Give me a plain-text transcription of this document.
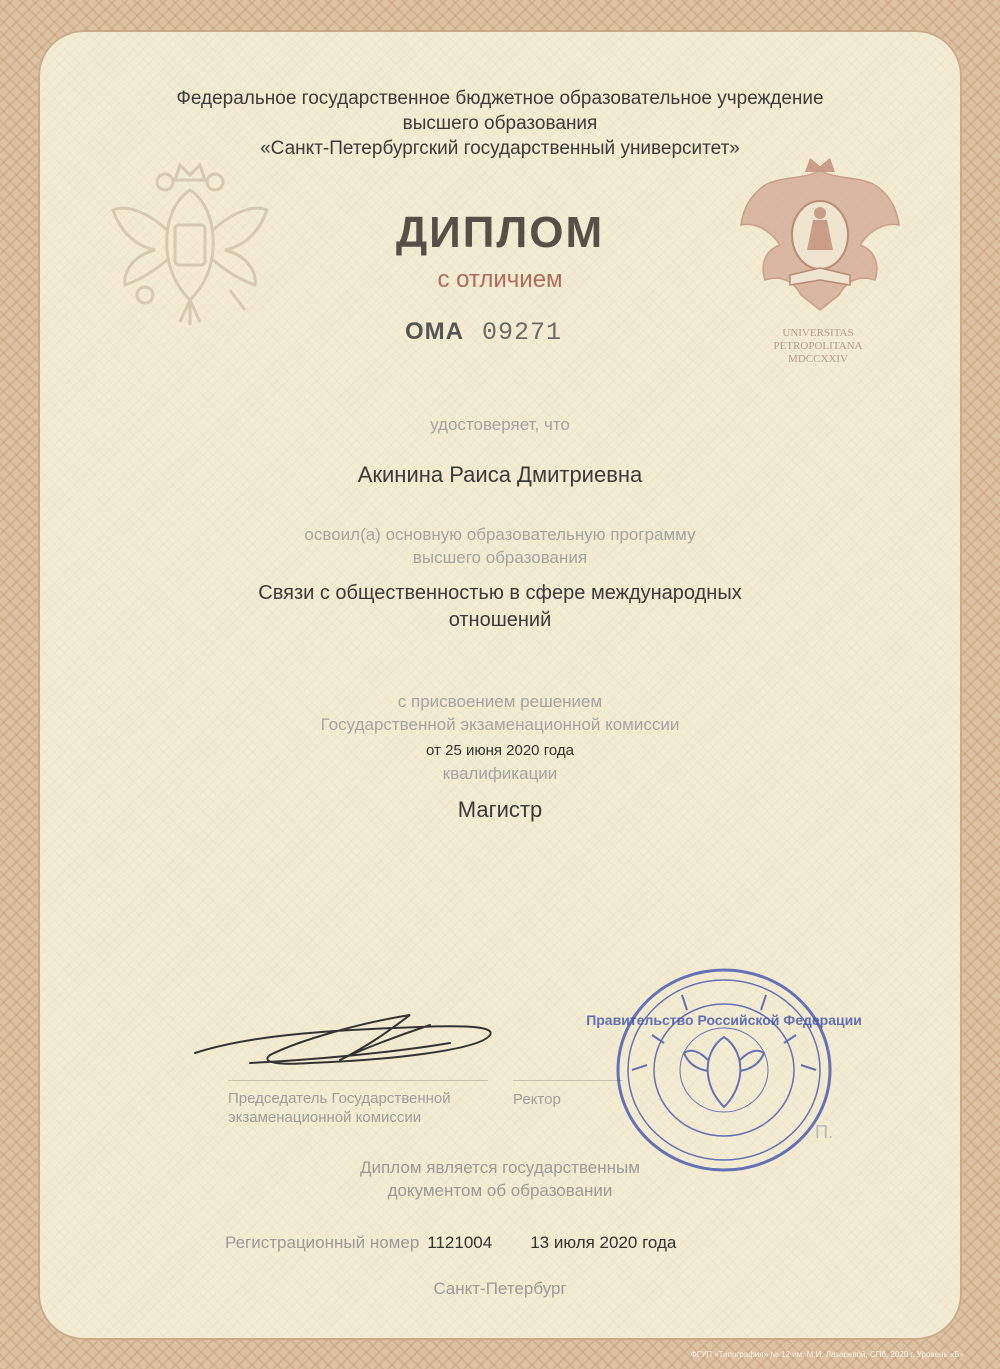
UNIVERSITAS
PETROPOLITANA
MDCCXXIV
Федеральное государственное бюджетное образовательное учреждение
высшего образования
«Санкт-Петербургский государственный университет»
ДИПЛОМ
с отличием
ОМА 09271
удостоверяет, что
Акинина Раиса Дмитриевна
освоил(а) основную образовательную программу
высшего образования
Связи с общественностью в сфере международных
отношений
с присвоением решением
Государственной экзаменационной комиссии
от 25 июня 2020 года
квалификации
Магистр
Председатель Государственной
экзаменационной комиссии
Ректор
П.
Правительство Российской Федерации
Диплом является государственным
документом об образовании
Регистрационный номер 1121004 13 июля 2020 года
Санкт-Петербург
ФГУП «Типография» № 12 им. М.И. Лазаревой, СПб, 2020 г. Уровень «Б»
